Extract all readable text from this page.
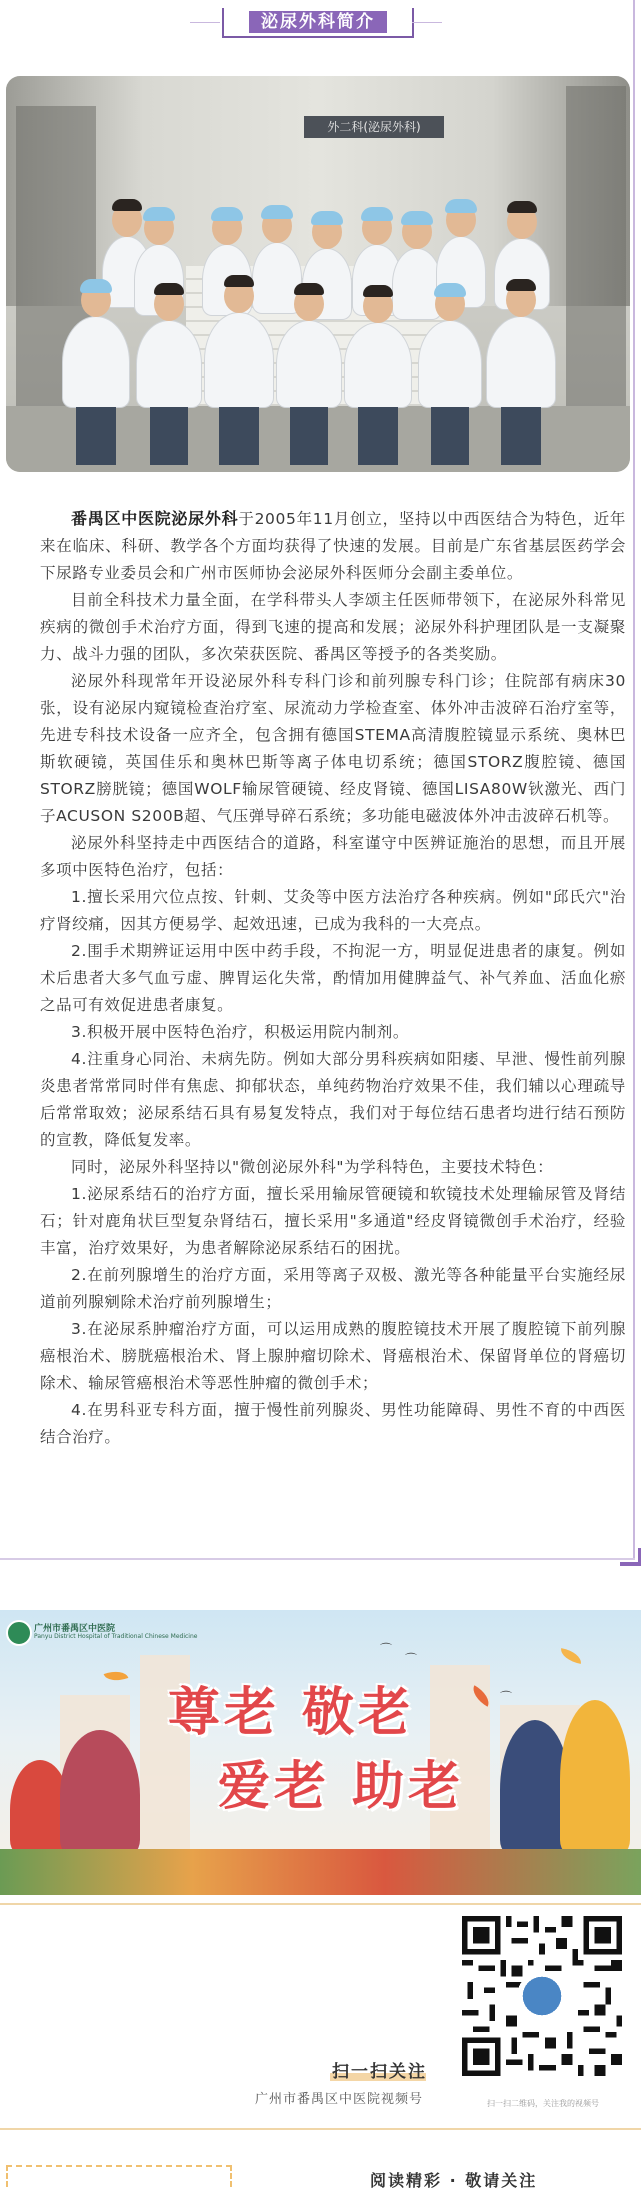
泌尿外科简介
外二科(泌尿外科)

番禺区中医院泌尿外科于2005年11月创立，坚持以中西医结合为特色，近年来在临床、科研、教学各个方面均获得了快速的发展。目前是广东省基层医药学会下尿路专业委员会和广州市医师协会泌尿外科医师分会副主委单位。

目前全科技术力量全面，在学科带头人李颂主任医师带领下，在泌尿外科常见疾病的微创手术治疗方面，得到飞速的提高和发展；泌尿外科护理团队是一支凝聚力、战斗力强的团队，多次荣获医院、番禺区等授予的各类奖励。

泌尿外科现常年开设泌尿外科专科门诊和前列腺专科门诊；住院部有病床30张，设有泌尿内窥镜检查治疗室、尿流动力学检查室、体外冲击波碎石治疗室等，先进专科技术设备一应齐全，包含拥有德国STEMA高清腹腔镜显示系统、奥林巴斯软硬镜，英国佳乐和奥林巴斯等离子体电切系统；德国STORZ腹腔镜、德国STORZ膀胱镜；德国WOLF输尿管硬镜、经皮肾镜、德国LISA80W钬激光、西门子ACUSON S200B超、气压弹导碎石系统；多功能电磁波体外冲击波碎石机等。

泌尿外科坚持走中西医结合的道路，科室谨守中医辨证施治的思想，而且开展多项中医特色治疗，包括：

1.擅长采用穴位点按、针刺、艾灸等中医方法治疗各种疾病。例如"邱氏穴"治疗肾绞痛，因其方便易学、起效迅速，已成为我科的一大亮点。

2.围手术期辨证运用中医中药手段，不拘泥一方，明显促进患者的康复。例如术后患者大多气血亏虚、脾胃运化失常，酌情加用健脾益气、补气养血、活血化瘀之品可有效促进患者康复。

3.积极开展中医特色治疗，积极运用院内制剂。

4.注重身心同治、未病先防。例如大部分男科疾病如阳痿、早泄、慢性前列腺炎患者常常同时伴有焦虑、抑郁状态，单纯药物治疗效果不佳，我们辅以心理疏导后常常取效；泌尿系结石具有易复发特点，我们对于每位结石患者均进行结石预防的宣教，降低复发率。

同时，泌尿外科坚持以"微创泌尿外科"为学科特色，主要技术特色：

1.泌尿系结石的治疗方面，擅长采用输尿管硬镜和软镜技术处理输尿管及肾结石；针对鹿角状巨型复杂肾结石，擅长采用"多通道"经皮肾镜微创手术治疗，经验丰富，治疗效果好，为患者解除泌尿系结石的困扰。

2.在前列腺增生的治疗方面，采用等离子双极、激光等各种能量平台实施经尿道前列腺剜除术治疗前列腺增生；

3.在泌尿系肿瘤治疗方面，可以运用成熟的腹腔镜技术开展了腹腔镜下前列腺癌根治术、膀胱癌根治术、肾上腺肿瘤切除术、肾癌根治术、保留肾单位的肾癌切除术、输尿管癌根治术等恶性肿瘤的微创手术；

4.在男科亚专科方面，擅于慢性前列腺炎、男性功能障碍、男性不育的中西医结合治疗。

广州市番禺区中医院
Panyu District Hospital of Traditional Chinese Medicine
⌒
⌒
⌒
尊老 敬老
爱老 助老
扫一扫二维码，关注我的视频号
扫一扫关注
广州市番禺区中医院视频号
阅读精彩 · 敬请关注
